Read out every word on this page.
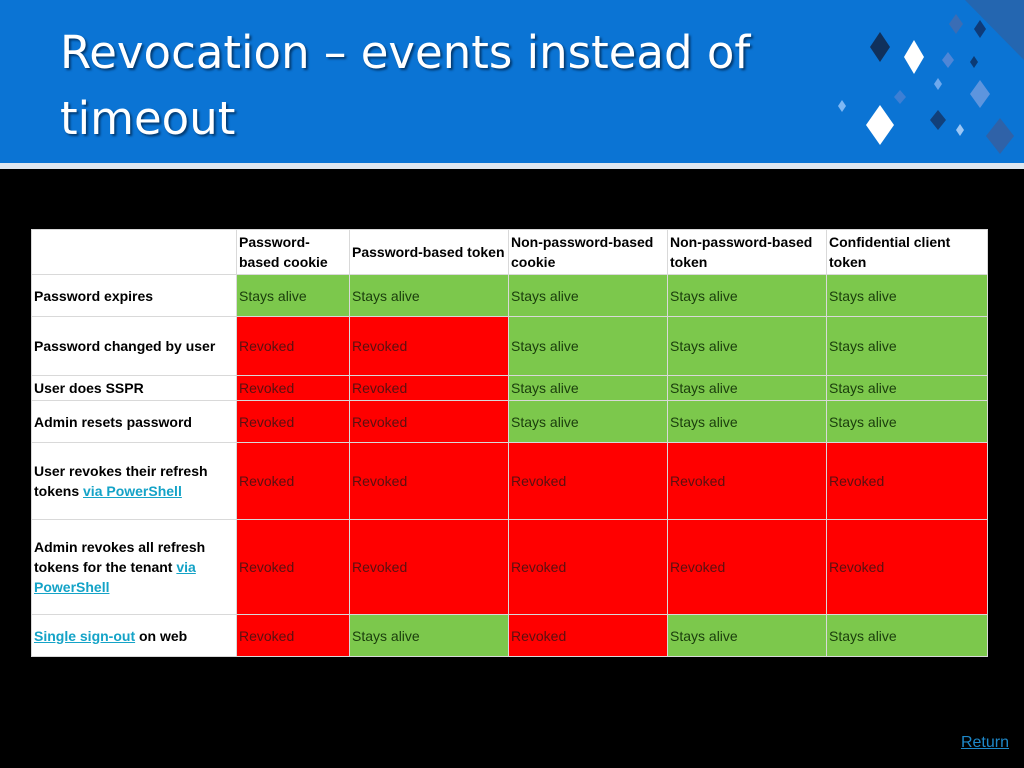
Revocation – events instead of
timeout
	Password-based cookie	Password-based token	Non-password-based cookie	Non-password-based token	Confidential client token
Password expires	Stays alive	Stays alive	Stays alive	Stays alive	Stays alive
Password changed by user	Revoked	Revoked	Stays alive	Stays alive	Stays alive
User does SSPR	Revoked	Revoked	Stays alive	Stays alive	Stays alive
Admin resets password	Revoked	Revoked	Stays alive	Stays alive	Stays alive
User revokes their refresh tokens via PowerShell	Revoked	Revoked	Revoked	Revoked	Revoked
Admin revokes all refresh tokens for the tenant via PowerShell	Revoked	Revoked	Revoked	Revoked	Revoked
Single sign-out on web	Revoked	Stays alive	Revoked	Stays alive	Stays alive
Return
